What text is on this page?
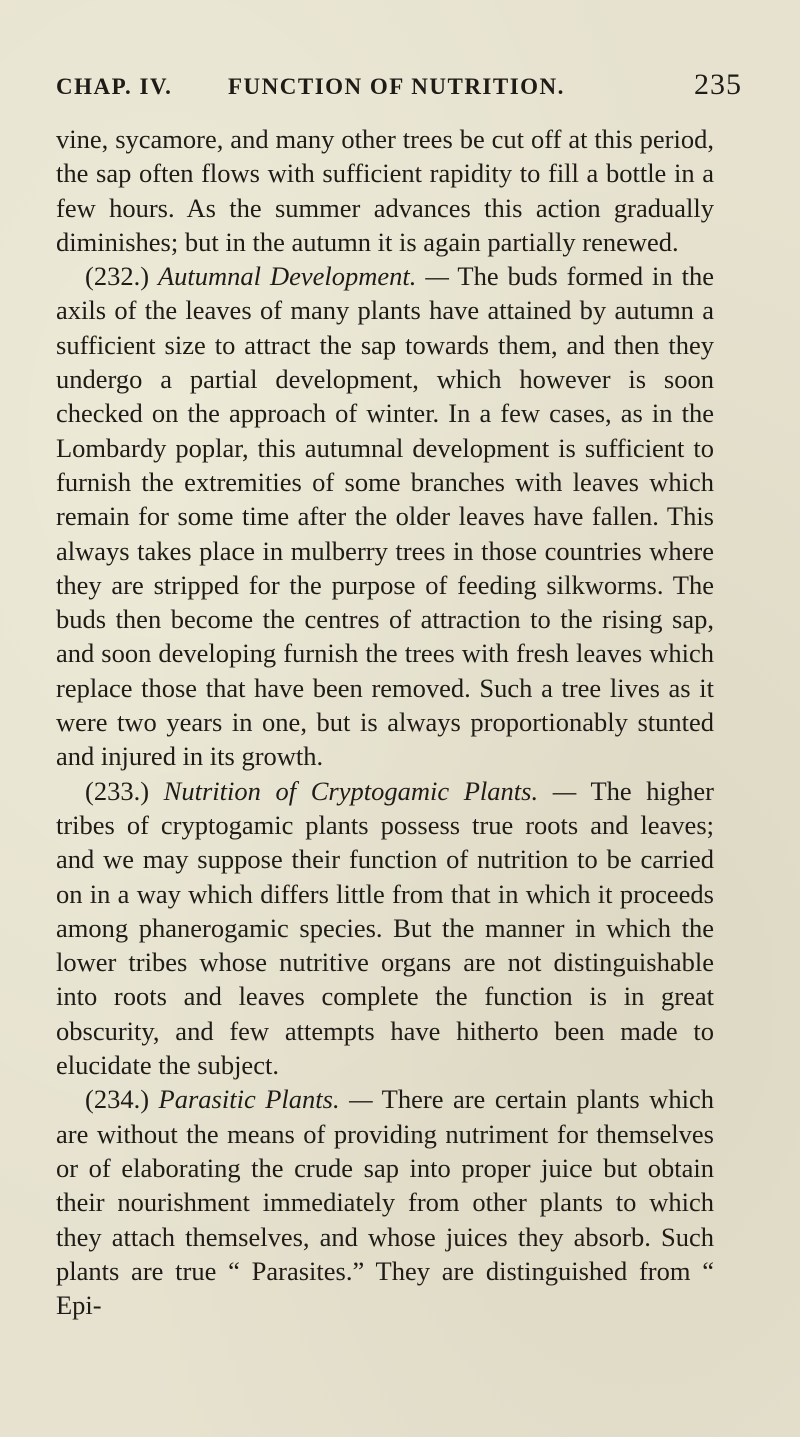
CHAP. IV. FUNCTION OF NUTRITION.	235

vine, sycamore, and many other trees be cut off at this period, the sap often flows with sufficient rapidity to fill a bottle in a few hours. As the summer advances this action gradually diminishes; but in the autumn it is again partially renewed.

(232.) Autumnal Development. — The buds formed in the axils of the leaves of many plants have attained by autumn a sufficient size to attract the sap towards them, and then they undergo a partial development, which however is soon checked on the approach of winter. In a few cases, as in the Lombardy poplar, this autumnal development is sufficient to furnish the extremities of some branches with leaves which remain for some time after the older leaves have fallen. This always takes place in mulberry trees in those countries where they are stripped for the purpose of feeding silkworms. The buds then become the centres of attraction to the rising sap, and soon developing furnish the trees with fresh leaves which replace those that have been removed. Such a tree lives as it were two years in one, but is always proportionably stunted and injured in its growth.

(233.) Nutrition of Cryptogamic Plants. — The higher tribes of cryptogamic plants possess true roots and leaves; and we may suppose their function of nutrition to be carried on in a way which differs little from that in which it proceeds among phanerogamic species. But the manner in which the lower tribes whose nutritive organs are not distinguishable into roots and leaves complete the function is in great obscurity, and few attempts have hitherto been made to elucidate the subject.

(234.) Parasitic Plants. — There are certain plants which are without the means of providing nutriment for themselves or of elaborating the crude sap into proper juice but obtain their nourishment immediately from other plants to which they attach themselves, and whose juices they absorb. Such plants are true “ Parasites.” They are distinguished from “ Epi-
